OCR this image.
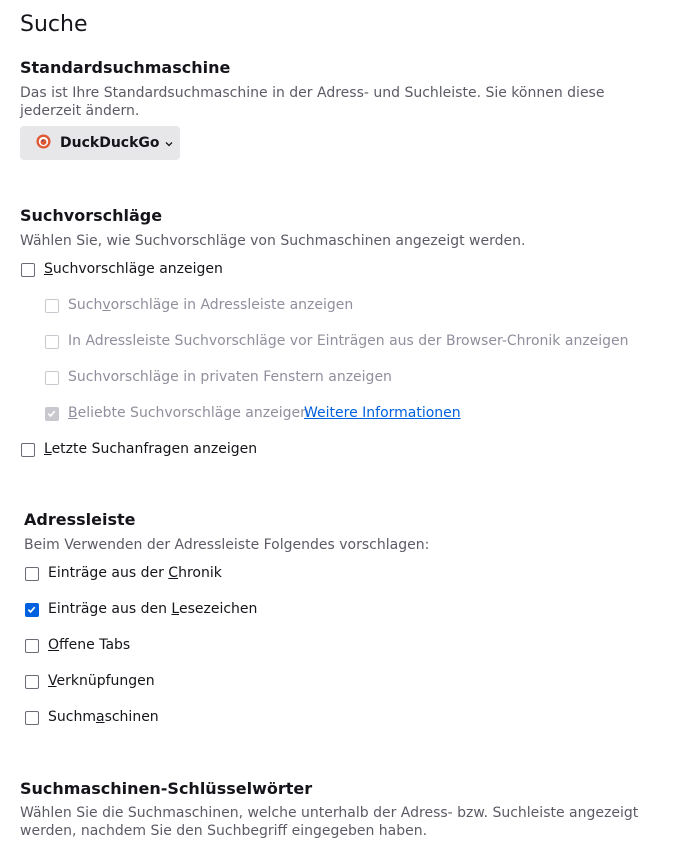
Suche
Standardsuchmaschine
Das ist Ihre Standardsuchmaschine in der Adress- und Suchleiste. Sie können diese jederzeit ändern.
DuckDuckGo
Suchvorschläge
Wählen Sie, wie Suchvorschläge von Suchmaschinen angezeigt werden.
Suchvorschläge anzeigen
Suchvorschläge in Adressleiste anzeigen
In Adressleiste Suchvorschläge vor Einträgen aus der Browser-Chronik anzeigen
Suchvorschläge in privaten Fenstern anzeigen
Beliebte Suchvorschläge anzeigen
Weitere Informationen
Letzte Suchanfragen anzeigen
Adressleiste
Beim Verwenden der Adressleiste Folgendes vorschlagen:
Einträge aus der Chronik
Einträge aus den Lesezeichen
Offene Tabs
Verknüpfungen
Suchmaschinen
Suchmaschinen-Schlüsselwörter
Wählen Sie die Suchmaschinen, welche unterhalb der Adress- bzw. Suchleiste angezeigt werden, nachdem Sie den Suchbegriff eingegeben haben.
